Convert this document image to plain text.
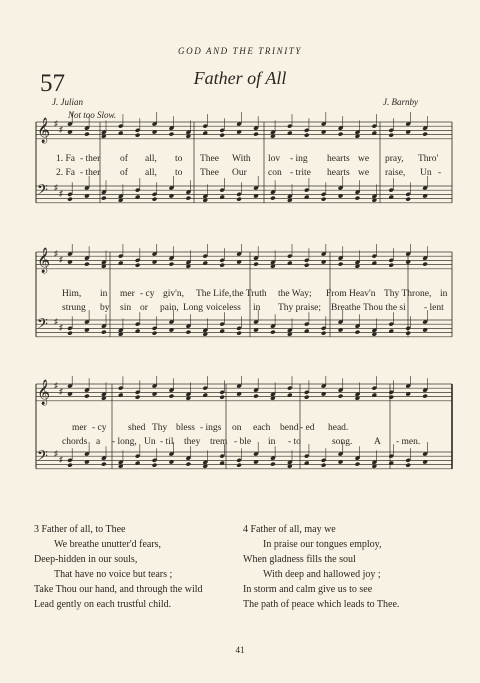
GOD AND THE TRINITY
57	Father of All
J. Julian	J. Barnby
Not too Slow.
𝄞 ♯
♯
𝄢 ♯
♯
1. Fa - ther of all, to Thee With lov - ing hearts we pray, Thro'
2. Fa - ther of all, to Thee Our con - trite hearts we raise, Un -
𝄞 ♯
♯
𝄢 ♯
♯
Him, in mer - cy giv'n, The Life, the Truth the Way; From Heav'n Thy Throne, in
strung by sin or pain, Long voiceless in Thy praise; Breathe Thou the si - lent
𝄞 ♯
♯
𝄢 ♯
♯
mer - cy shed Thy bless - ings on each bend - ed head.
chords a - long, Un - til they trem - ble in - to	song. A - men.
3 Father of all, to Thee
We breathe unutter'd fears,
Deep-hidden in our souls,
That have no voice but tears ;
Take Thou our hand, and through the wild
Lead gently on each trustful child.
4 Father of all, may we
In praise our tongues employ,
When gladness fills the soul
With deep and hallowed joy ;
In storm and calm give us to see
The path of peace which leads to Thee.
41
